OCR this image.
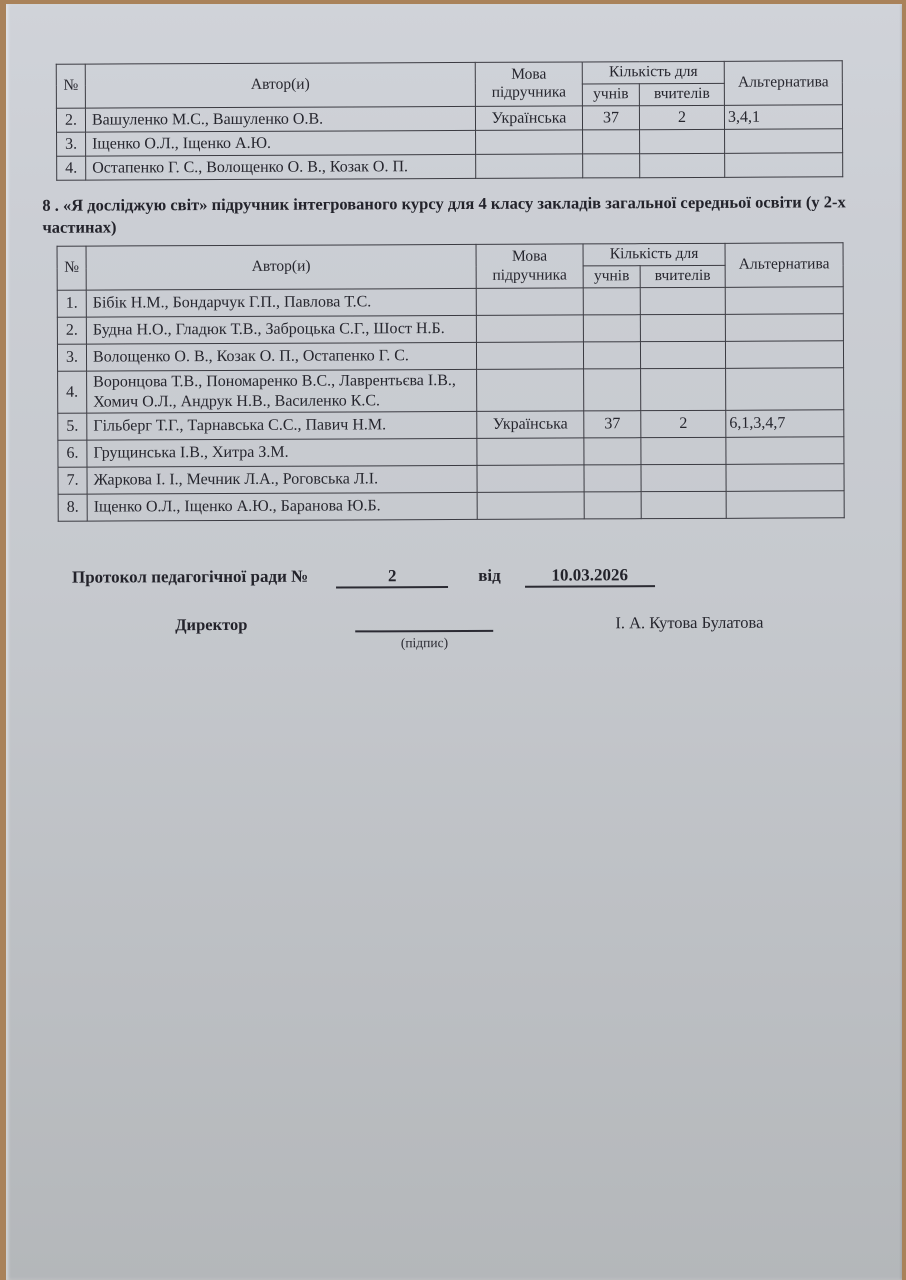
№	Автор(и)	Мова підручника	Кількість для		Альтернатива
			учнів	вчителів	
2.	Вашуленко М.С., Вашуленко О.В.	Українська	37	2	3,4,1
3.	Іщенко О.Л., Іщенко А.Ю.				
4.	Остапенко Г. С., Волощенко О. В., Козак О. П.				

8 . «Я досліджую світ» підручник інтегрованого курсу для 4 класу закладів загальної середньої освіти (у 2-х частинах)

№	Автор(и)	Мова підручника	Кількість для		Альтернатива
			учнів	вчителів	
1.	Бібік Н.М., Бондарчук Г.П., Павлова Т.С.				
2.	Будна Н.О., Гладюк Т.В., Заброцька С.Г., Шост Н.Б.				
3.	Волощенко О. В., Козак О. П., Остапенко Г. С.				
4.	Воронцова Т.В., Пономаренко В.С., Лаврентьєва І.В., Хомич О.Л., Андрук Н.В., Василенко К.С.				
5.	Гільберг Т.Г., Тарнавська С.С., Павич Н.М.	Українська	37	2	6,1,3,4,7
6.	Грущинська І.В., Хитра З.М.				
7.	Жаркова І. І., Мечник Л.А., Роговська Л.І.				
8.	Іщенко О.Л., Іщенко А.Ю., Баранова Ю.Б.				
Протокол педагогічної ради №	2	від	10.03.2026
Директор
(підпис)
І. А. Кутова Булатова
